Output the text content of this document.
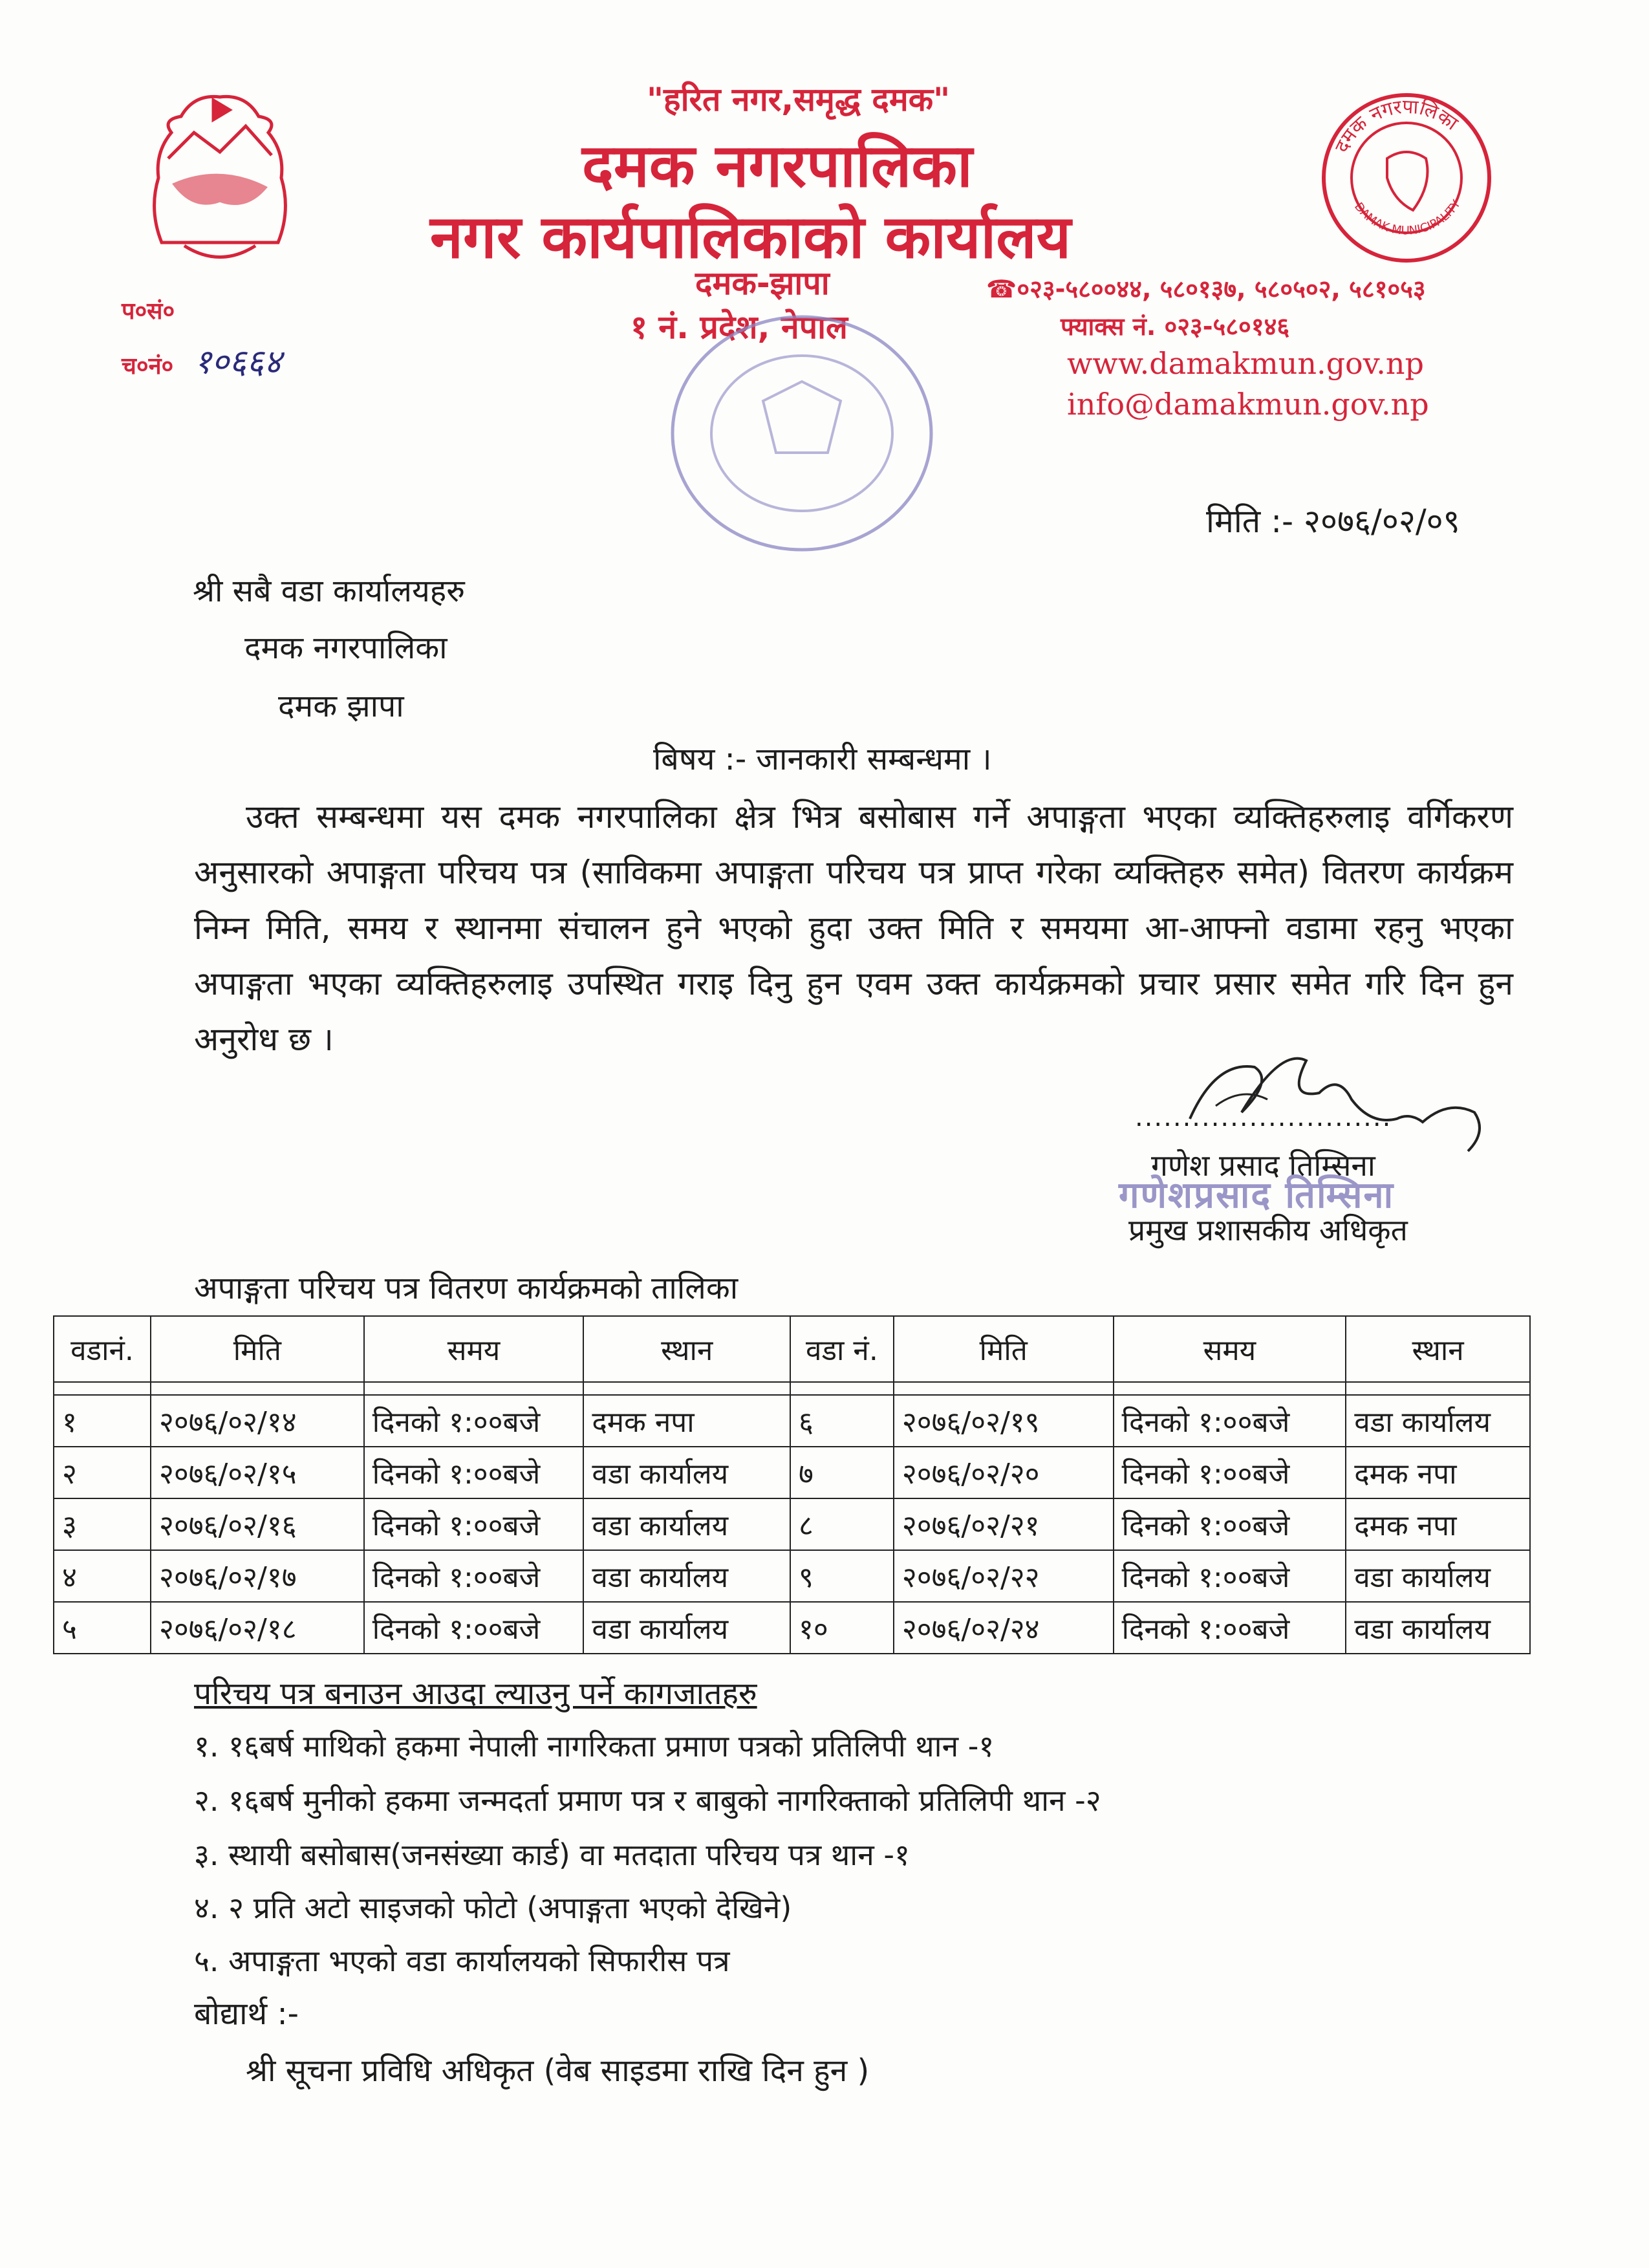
"हरित नगर,समृद्ध दमक"
दमक नगरपालिका
नगर कार्यपालिकाको कार्यालय
दमक-झापा
१ नं. प्रदेश, नेपाल
☎०२३-५८००४४, ५८०१३७, ५८०५०२, ५८१०५३
फ्याक्स नं. ०२३-५८०१४६
www.damakmun.gov.np
info@damakmun.gov.np
प०सं०
च०नं० १०६६४
दमक नगरपालिका
DAMAK MUNICIPALITY
मिति :- २०७६/०२/०९
श्री सबै वडा कार्यालयहरु
दमक नगरपालिका
दमक झापा
बिषय :- जानकारी सम्बन्धमा ।
उक्त सम्बन्धमा यस दमक नगरपालिका क्षेत्र भित्र बसोबास गर्ने अपाङ्गता भएका व्यक्तिहरुलाइ वर्गिकरण अनुसारको अपाङ्गता परिचय पत्र (साविकमा अपाङ्गता परिचय पत्र प्राप्त गरेका व्यक्तिहरु समेत) वितरण कार्यक्रम निम्न मिति, समय र स्थानमा संचालन हुने भएको हुदा उक्त मिति र समयमा आ-आफ्नो वडामा रहनु भएका अपाङ्गता भएका व्यक्तिहरुलाइ उपस्थित गराइ दिनु हुन एवम उक्त कार्यक्रमको प्रचार प्रसार समेत गरि दिन हुन अनुरोध छ ।
...........................
गणेश प्रसाद तिम्सिना
गणेशप्रसाद तिम्सिना
प्रमुख प्रशासकीय अधिकृत
अपाङ्गता परिचय पत्र वितरण कार्यक्रमको तालिका
वडानं.	मिति	समय	स्थान	वडा नं.	मिति	समय	स्थान

१	२०७६/०२/१४	दिनको १:००बजे	दमक नपा	६	२०७६/०२/१९	दिनको १:००बजे	वडा कार्यालय
२	२०७६/०२/१५	दिनको १:००बजे	वडा कार्यालय	७	२०७६/०२/२०	दिनको १:००बजे	दमक नपा
३	२०७६/०२/१६	दिनको १:००बजे	वडा कार्यालय	८	२०७६/०२/२१	दिनको १:००बजे	दमक नपा
४	२०७६/०२/१७	दिनको १:००बजे	वडा कार्यालय	९	२०७६/०२/२२	दिनको १:००बजे	वडा कार्यालय
५	२०७६/०२/१८	दिनको १:००बजे	वडा कार्यालय	१०	२०७६/०२/२४	दिनको १:००बजे	वडा कार्यालय
परिचय पत्र बनाउन आउदा ल्याउनु पर्ने कागजातहरु
१. १६बर्ष माथिको हकमा नेपाली नागरिकता प्रमाण पत्रको प्रतिलिपी थान -१
२. १६बर्ष मुनीको हकमा जन्मदर्ता प्रमाण पत्र र बाबुको नागरिक्ताको प्रतिलिपी थान -२
३. स्थायी बसोबास(जनसंख्या कार्ड) वा मतदाता परिचय पत्र थान -१
४. २ प्रति अटो साइजको फोटो (अपाङ्गता भएको देखिने)
५. अपाङ्गता भएको वडा कार्यालयको सिफारीस पत्र
बोद्यार्थ :-
श्री सूचना प्रविधि अधिकृत (वेब साइडमा राखि दिन हुन )
